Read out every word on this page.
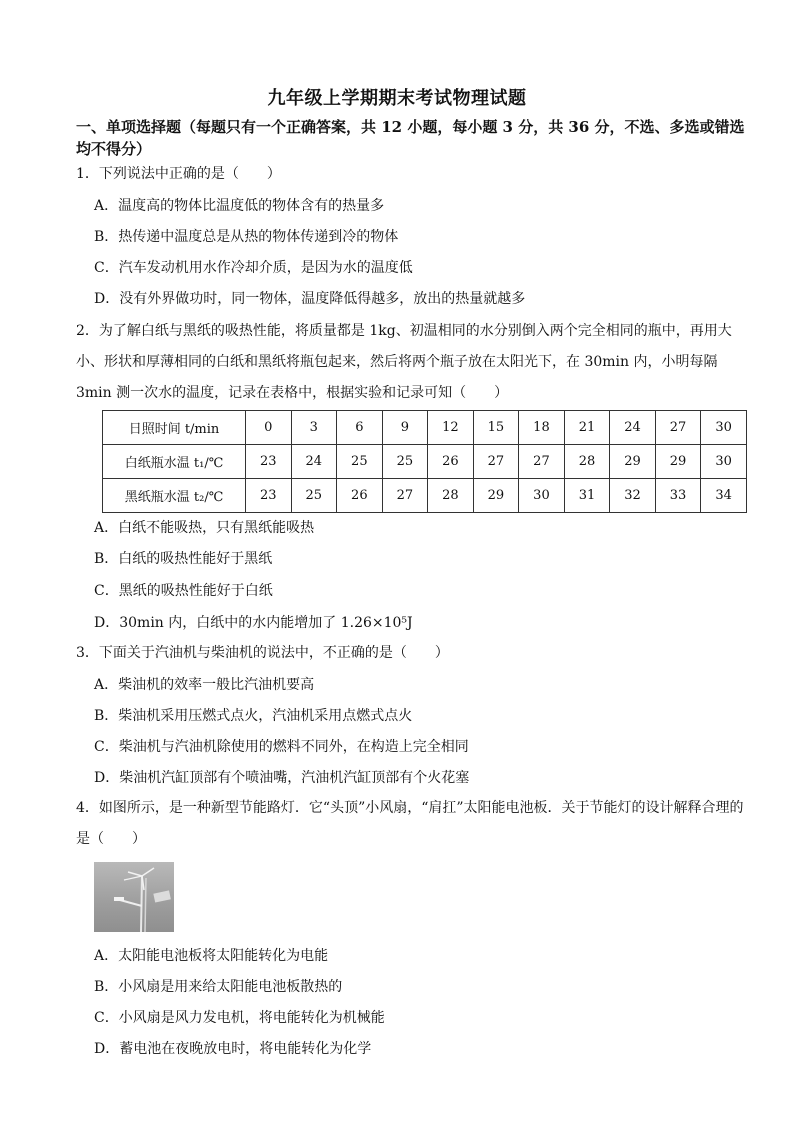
九年级上学期期末考试物理试题
一、单项选择题（每题只有一个正确答案，共 12 小题，每小题 3 分，共 36 分，不选、多选或错选均不得分）
1．下列说法中正确的是（　　）
A．温度高的物体比温度低的物体含有的热量多
B．热传递中温度总是从热的物体传递到冷的物体
C．汽车发动机用水作冷却介质，是因为水的温度低
D．没有外界做功时，同一物体，温度降低得越多，放出的热量就越多
2．为了解白纸与黑纸的吸热性能，将质量都是 1kg、初温相同的水分别倒入两个完全相同的瓶中，再用大小、形状和厚薄相同的白纸和黑纸将瓶包起来，然后将两个瓶子放在太阳光下，在 30min 内，小明每隔 3min 测一次水的温度，记录在表格中，根据实验和记录可知（　　）
日照时间 t/min	0	3	6	9	12	15	18	21	24	27	30
白纸瓶水温 t₁/℃	23	24	25	25	26	27	27	28	29	29	30
黑纸瓶水温 t₂/℃	23	25	26	27	28	29	30	31	32	33	34
A．白纸不能吸热，只有黑纸能吸热
B．白纸的吸热性能好于黑纸
C．黑纸的吸热性能好于白纸
D．30min 内，白纸中的水内能增加了 1.26×10⁵J
3．下面关于汽油机与柴油机的说法中，不正确的是（　　）
A．柴油机的效率一般比汽油机要高
B．柴油机采用压燃式点火，汽油机采用点燃式点火
C．柴油机与汽油机除使用的燃料不同外，在构造上完全相同
D．柴油机汽缸顶部有个喷油嘴，汽油机汽缸顶部有个火花塞
4．如图所示，是一种新型节能路灯．它“头顶”小风扇，“肩扛”太阳能电池板．关于节能灯的设计解释合理的是（　　）
A．太阳能电池板将太阳能转化为电能
B．小风扇是用来给太阳能电池板散热的
C．小风扇是风力发电机，将电能转化为机械能
D．蓄电池在夜晚放电时，将电能转化为化学
